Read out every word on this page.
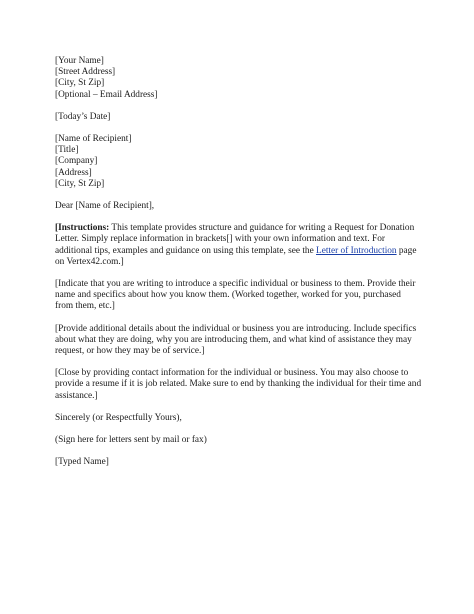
[Your Name]
[Street Address]
[City, St Zip]
[Optional – Email Address]
[Today’s Date]
[Name of Recipient]
[Title]
[Company]
[Address]
[City, St Zip]
Dear [Name of Recipient],
[Instructions: This template provides structure and guidance for writing a Request for Donation
Letter. Simply replace information in brackets[] with your own information and text. For
additional tips, examples and guidance on using this template, see the Letter of Introduction page
on Vertex42.com.]
[Indicate that you are writing to introduce a specific individual or business to them. Provide their
name and specifics about how you know them. (Worked together, worked for you, purchased
from them, etc.]
[Provide additional details about the individual or business you are introducing. Include specifics
about what they are doing, why you are introducing them, and what kind of assistance they may
request, or how they may be of service.]
[Close by providing contact information for the individual or business. You may also choose to
provide a resume if it is job related. Make sure to end by thanking the individual for their time and
assistance.]
Sincerely (or Respectfully Yours),
(Sign here for letters sent by mail or fax)
[Typed Name]
